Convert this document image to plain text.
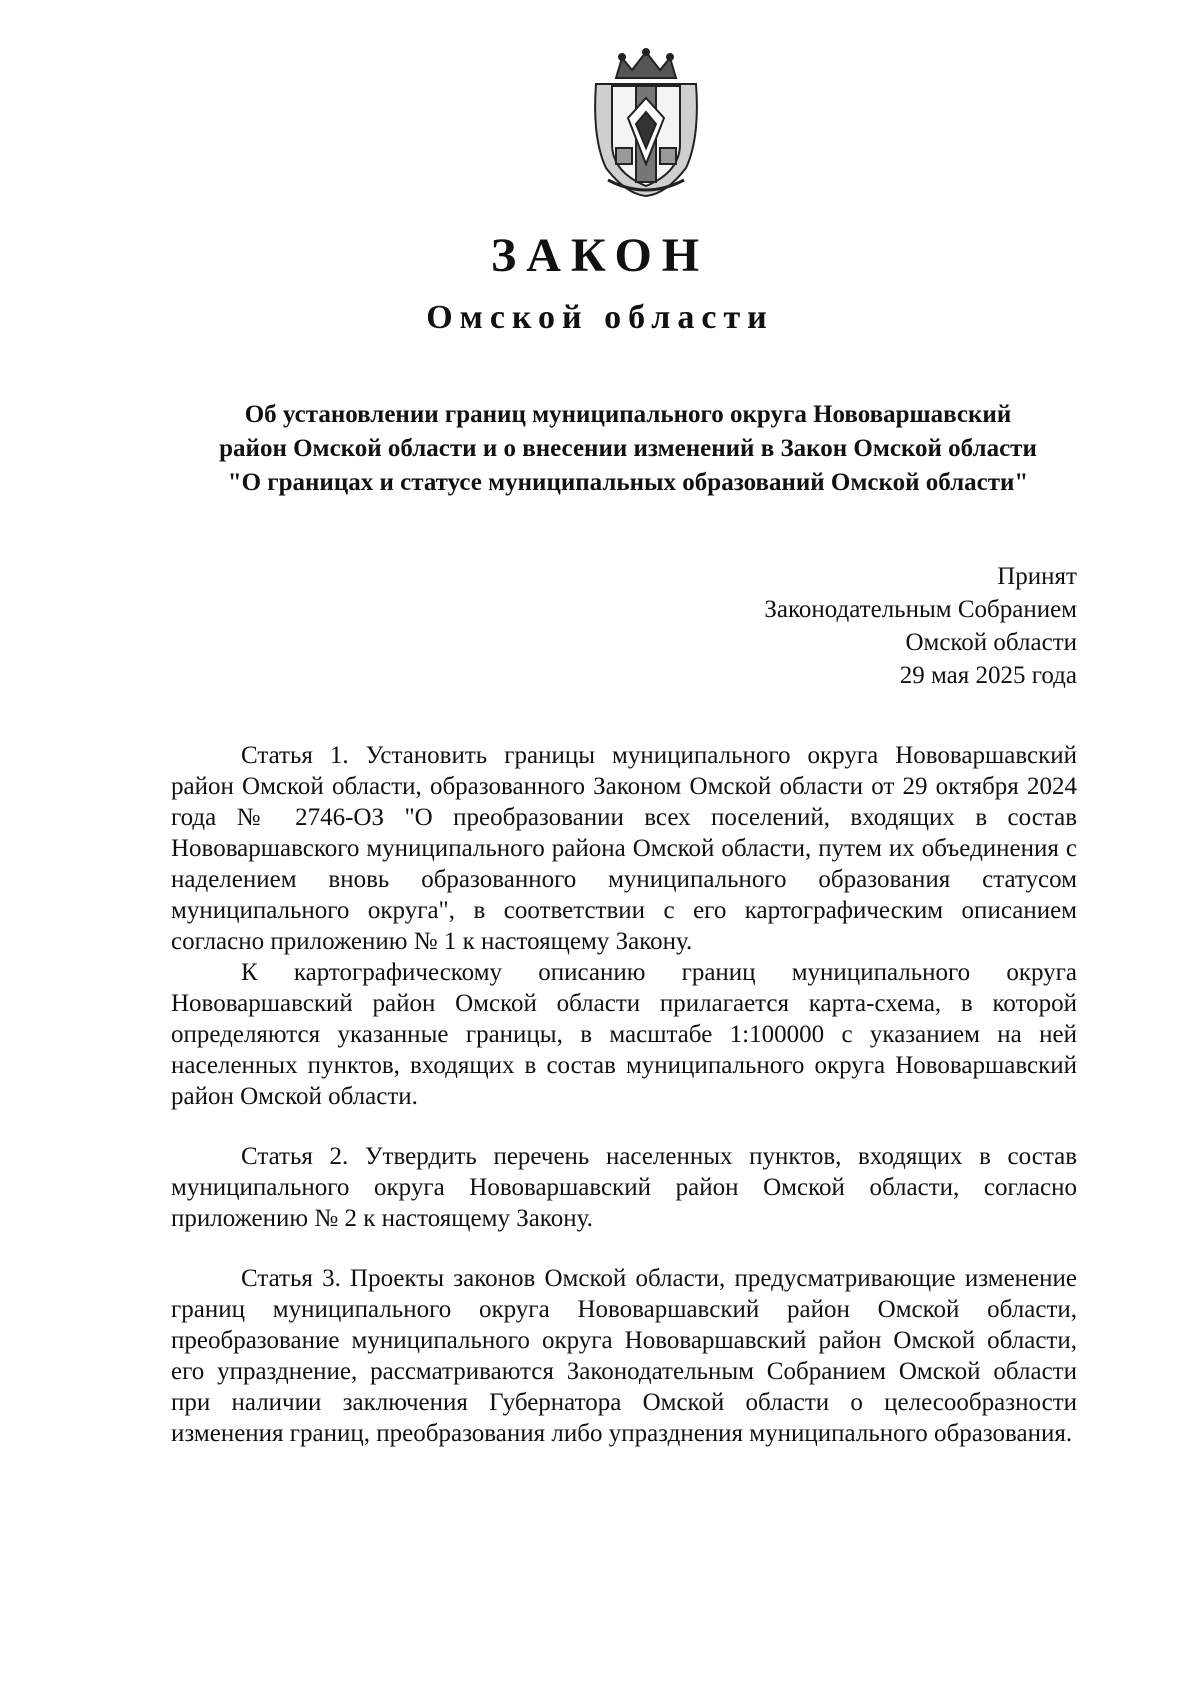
ЗАКОН
Омской области
Об установлении границ муниципального округа Нововаршавский
район Омской области и о внесении изменений в Закон Омской области
"О границах и статусе муниципальных образований Омской области"
Принят
Законодательным Собранием
Омской области
29 мая 2025 года

Статья 1. Установить границы муниципального округа Нововаршавский район Омской области, образованного Законом Омской области от 29 октября 2024 года № 2746-ОЗ "О преобразовании всех поселений, входящих в состав Нововаршавского муниципального района Омской области, путем их объединения с наделением вновь образованного муниципального образования статусом муниципального округа", в соответствии с его картографическим описанием согласно приложению № 1 к настоящему Закону.

К картографическому описанию границ муниципального округа Нововаршавский район Омской области прилагается карта-схема, в которой определяются указанные границы, в масштабе 1:100000 с указанием на ней населенных пунктов, входящих в состав муниципального округа Нововаршавский район Омской области.

Статья 2. Утвердить перечень населенных пунктов, входящих в состав муниципального округа Нововаршавский район Омской области, согласно приложению № 2 к настоящему Закону.

Статья 3. Проекты законов Омской области, предусматривающие изменение границ муниципального округа Нововаршавский район Омской области, преобразование муниципального округа Нововаршавский район Омской области, его упразднение, рассматриваются Законодательным Собранием Омской области при наличии заключения Губернатора Омской области о целесообразности изменения границ, преобразования либо упразднения муниципального образования.
